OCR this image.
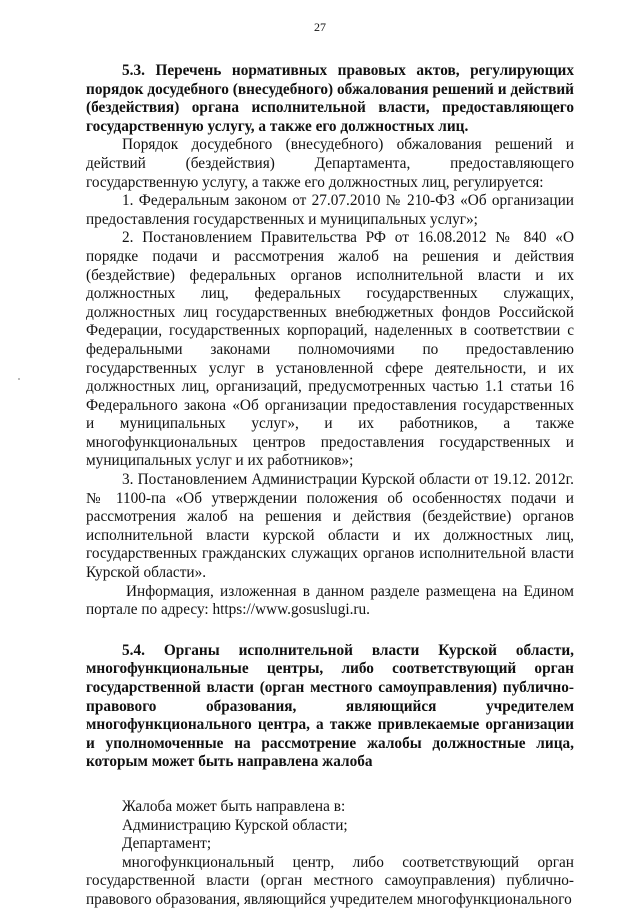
27

5.3. Перечень нормативных правовых актов, регулирующих порядок досудебного (внесудебного) обжалования решений и действий (бездействия) органа исполнительной власти, предоставляющего государственную услугу, а также его должностных лиц.

Порядок досудебного (внесудебного) обжалования решений и действий (бездействия) Департамента, предоставляющего государственную услугу, а также его должностных лиц, регулируется:

1. Федеральным законом от 27.07.2010 № 210-ФЗ «Об организации предоставления государственных и муниципальных услуг»;

2. Постановлением Правительства РФ от 16.08.2012 № 840 «О порядке подачи и рассмотрения жалоб на решения и действия (бездействие) федеральных органов исполнительной власти и их должностных лиц, федеральных государственных служащих, должностных лиц государственных внебюджетных фондов Российской Федерации, государственных корпораций, наделенных в соответствии с федеральными законами полномочиями по предоставлению государственных услуг в установленной сфере деятельности, и их должностных лиц, организаций, предусмотренных частью 1.1 статьи 16 Федерального закона «Об организации предоставления государственных и муниципальных услуг», и их работников, а также многофункциональных центров предоставления государственных и муниципальных услуг и их работников»;

3. Постановлением Администрации Курской области от 19.12. 2012г. № 1100-па «Об утверждении положения об особенностях подачи и рассмотрения жалоб на решения и действия (бездействие) органов исполнительной власти курской области и их должностных лиц, государственных гражданских служащих органов исполнительной власти Курской области».

Информация, изложенная в данном разделе размещена на Едином портале по адресу: https://www.gosuslugi.ru.

5.4. Органы исполнительной власти Курской области, многофункциональные центры, либо соответствующий орган государственной власти (орган местного самоуправления) публично-правового образования, являющийся учредителем многофункционального центра, а также привлекаемые организации и уполномоченные на рассмотрение жалобы должностные лица, которым может быть направлена жалоба

Жалоба может быть направлена в:

Администрацию Курской области;

Департамент;

многофункциональный центр, либо соответствующий орган государственной власти (орган местного самоуправления) публично-правового образования, являющийся учредителем многофункционального
